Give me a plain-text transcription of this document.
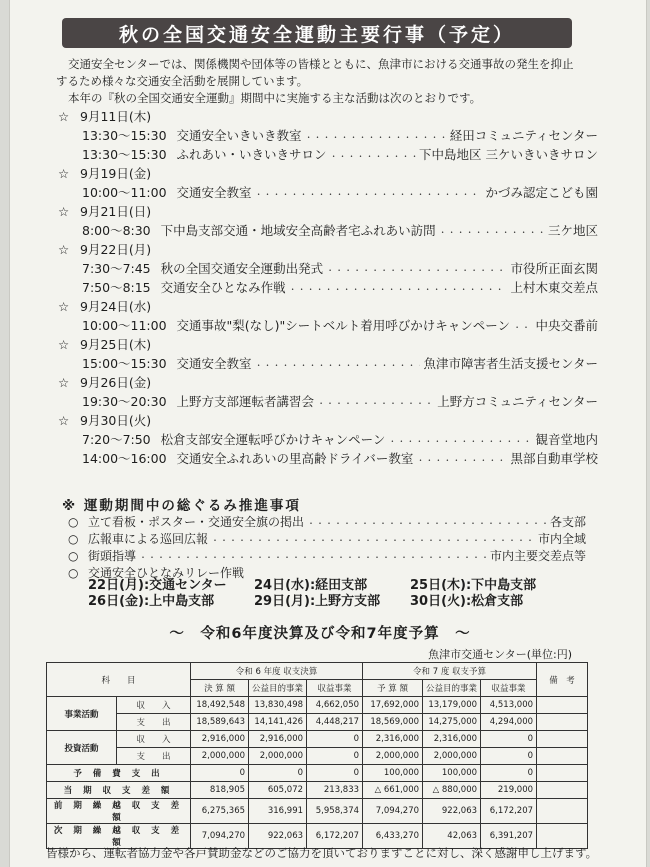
秋の全国交通安全運動主要行事（予定）

交通安全センターでは、関係機関や団体等の皆様とともに、魚津市における交通事故の発生を抑止

するため様々な交通安全活動を展開しています。

本年の『秋の全国交通安全運動』期間中に実施する主な活動は次のとおりです。

☆ 9月11日(木)
13:30～15:30 交通安全いきいき教室 ・・・・・・・・・・・・・・・・・・・・・・・・・・・・・・・・・・・・・・・・・・・・・・	経田コミュニティセンター
13:30～15:30 ふれあい・いきいきサロン ・・・・・・・・・・・・・・・・・・・・・・・・・・・・・・・・・・・・・・・・・・・・・・	下中島地区 三ケいきいきサロン
☆ 9月19日(金)
10:00～11:00 交通安全教室 ・・・・・・・・・・・・・・・・・・・・・・・・・・・・・・・・・・・・・・・・・・・・・・	かづみ認定こども園
☆ 9月21日(日)
8:00～8:30 下中島支部交通・地域安全高齢者宅ふれあい訪問 ・・・・・・・・・・・・・・・・・・・・・・・・・・・・・・・・・・・・・・・・・・・・・・	三ケ地区
☆ 9月22日(月)
7:30～7:45 秋の全国交通安全運動出発式 ・・・・・・・・・・・・・・・・・・・・・・・・・・・・・・・・・・・・・・・・・・・・・・	市役所正面玄関
7:50～8:15 交通安全ひとなみ作戦 ・・・・・・・・・・・・・・・・・・・・・・・・・・・・・・・・・・・・・・・・・・・・・・	上村木東交差点
☆ 9月24日(水)
10:00～11:00 交通事故"梨(なし)"シートベルト着用呼びかけキャンペーン ・・・・・・・・・・・・・・・・・・・・・・・・・・・・・・・・・・・・・・・・・・・・・・ 中央交番前
☆ 9月25日(木)
15:00～15:30 交通安全教室 ・・・・・・・・・・・・・・・・・・・・・・・・・・・・・・・・・・・・・・・・・・・・・・	魚津市障害者生活支援センター
☆ 9月26日(金)
19:30～20:30 上野方支部運転者講習会 ・・・・・・・・・・・・・・・・・・・・・・・・・・・・・・・・・・・・・・・・・・・・・・	上野方コミュニティセンター
☆ 9月30日(火)
7:20～7:50 松倉支部安全運転呼びかけキャンペーン ・・・・・・・・・・・・・・・・・・・・・・・・・・・・・・・・・・・・・・・・・・・・・・	観音堂地内
14:00～16:00 交通安全ふれあいの里高齢ドライバー教室 ・・・・・・・・・・・・・・・・・・・・・・・・・・・・・・・・・・・・・・・・・・・・・・	黒部自動車学校
※ 運動期間中の総ぐるみ推進事項
○ 立て看板・ポスター・交通安全旗の掲出 ・・・・・・・・・・・・・・・・・・・・・・・・・・・・・・・・・・・・・・・・・・・・・・	各支部
○ 広報車による巡回広報 ・・・・・・・・・・・・・・・・・・・・・・・・・・・・・・・・・・・・・・・・・・・・・・	市内全域
○ 街頭指導 ・・・・・・・・・・・・・・・・・・・・・・・・・・・・・・・・・・・・・・・・・・・・・・	市内主要交差点等
○ 交通安全ひとなみリレー作戦
22日(月):交通センター	24日(水):経田支部	25日(木):下中島支部
26日(金):上中島支部	29日(月):上野方支部	30日(火):松倉支部
～　令和6年度決算及び令和7年度予算　～
魚津市交通センター(単位:円)
科　　目		令和 6 年度 収支決算			令和 7 度 収支予算			備　考
		決 算 額	公益目的事業	収益事業	予 算 額	公益目的事業	収益事業	
事業活動	収　　入	18,492,548	13,830,498	4,662,050	17,692,000	13,179,000	4,513,000	
	支　　出	18,589,643	14,141,426	4,448,217	18,569,000	14,275,000	4,294,000	
投資活動	収　　入	2,916,000	2,916,000	0	2,316,000	2,316,000	0	
	支　　出	2,000,000	2,000,000	0	2,000,000	2,000,000	0	
予 備 費 支 出		0	0	0	100,000	100,000	0	
当 期 収 支 差 額		818,905	605,072	213,833	△ 661,000	△ 880,000	219,000	
前 期 繰 越 収 支 差 額		6,275,365	316,991	5,958,374	7,094,270	922,063	6,172,207	
次 期 繰 越 収 支 差 額		7,094,270	922,063	6,172,207	6,433,270	42,063	6,391,207	
皆様から、運転者協力金や各戸賛助金などのご協力を頂いておりますことに対し、深く感謝申し上げます。
